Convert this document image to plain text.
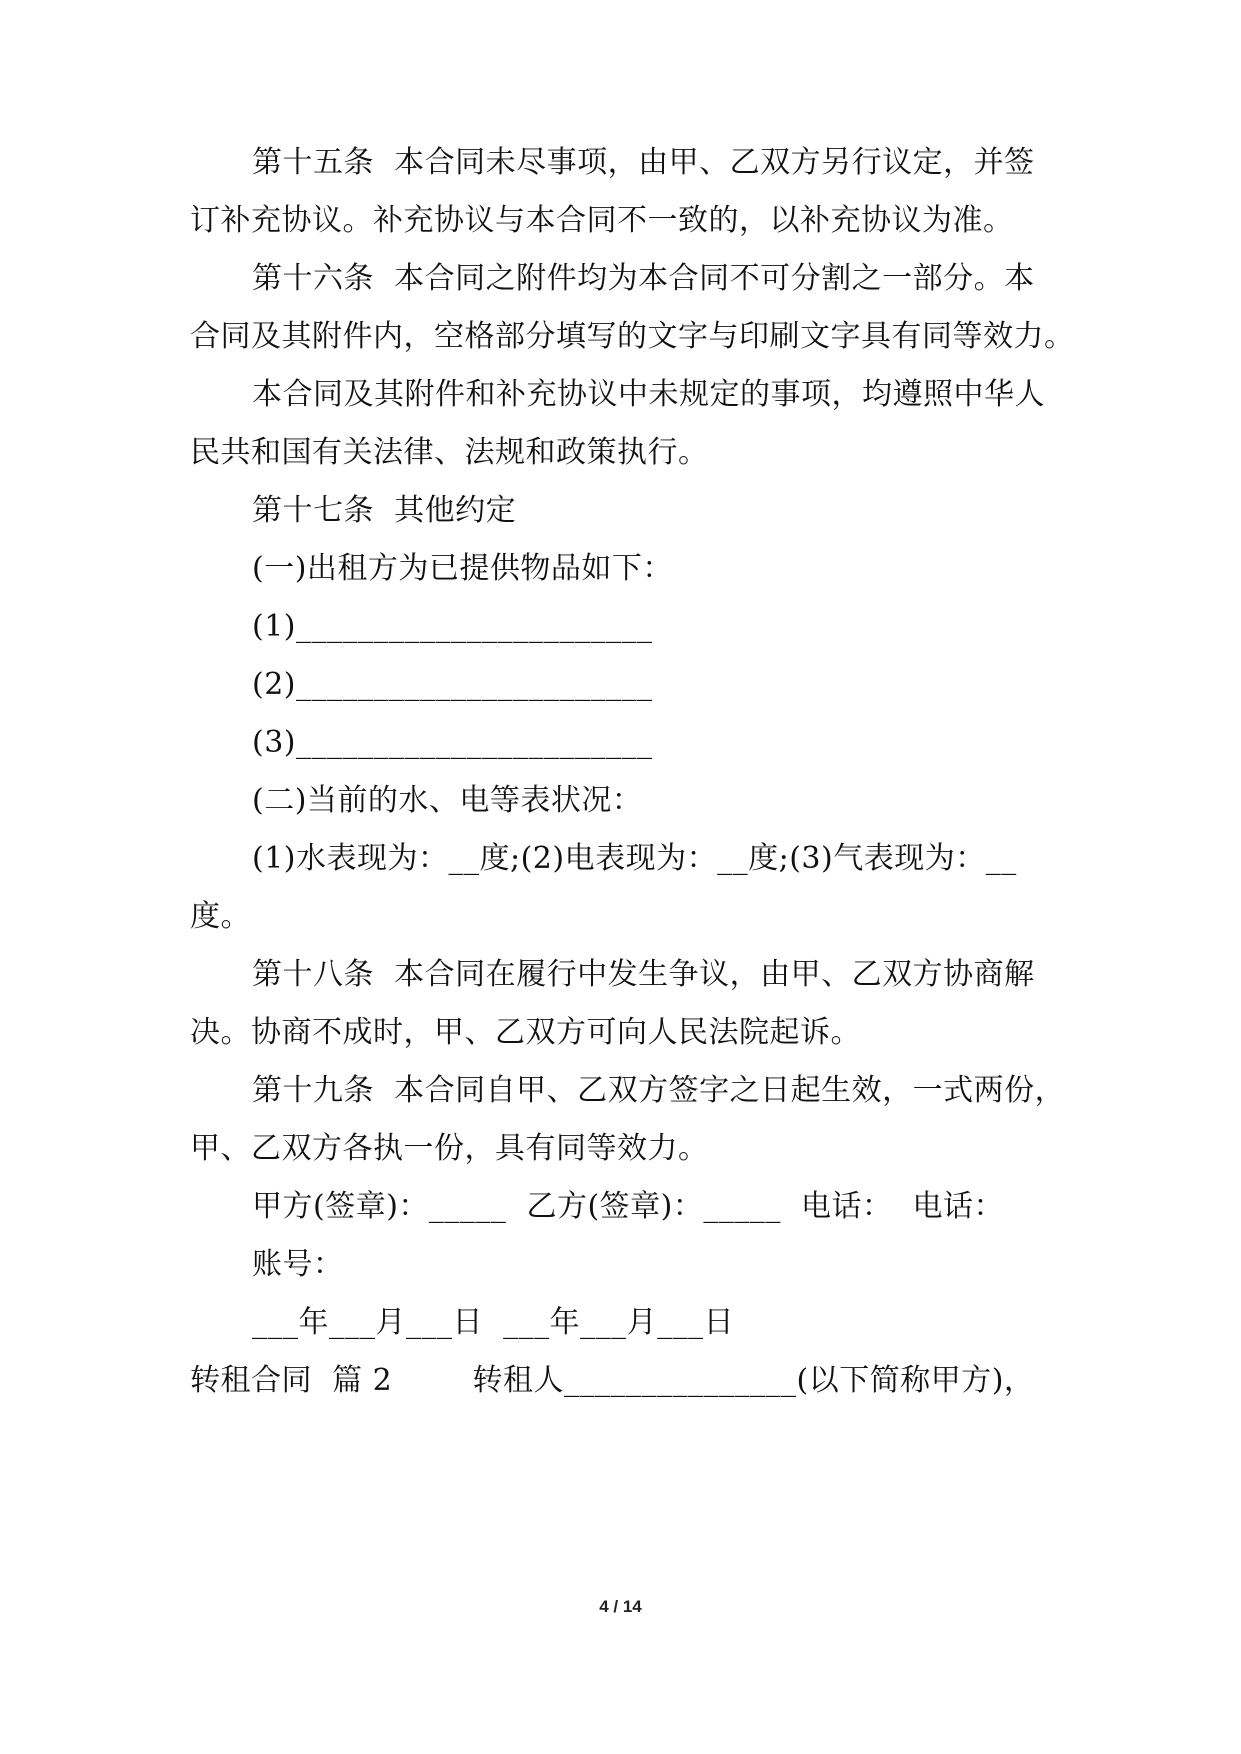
第十五条  本合同未尽事项，由甲、乙双方另行议定，并签
订补充协议。补充协议与本合同不一致的，以补充协议为准。
第十六条  本合同之附件均为本合同不可分割之一部分。本
合同及其附件内，空格部分填写的文字与印刷文字具有同等效力。
本合同及其附件和补充协议中未规定的事项，均遵照中华人
民共和国有关法律、法规和政策执行。
第十七条  其他约定
(一)出租方为已提供物品如下：
(1)_______________________
(2)_______________________
(3)_______________________
(二)当前的水、电等表状况：
(1)水表现为：__度;(2)电表现为：__度;(3)气表现为：__
度。
第十八条  本合同在履行中发生争议，由甲、乙双方协商解
决。协商不成时，甲、乙双方可向人民法院起诉。
第十九条  本合同自甲、乙双方签字之日起生效，一式两份，
甲、乙双方各执一份，具有同等效力。
甲方(签章)：_____  乙方(签章)：_____  电话：  电话：
账号：
___年___月___日  ___年___月___日
转租合同  篇 2        转租人_______________(以下简称甲方)，
4 / 14
